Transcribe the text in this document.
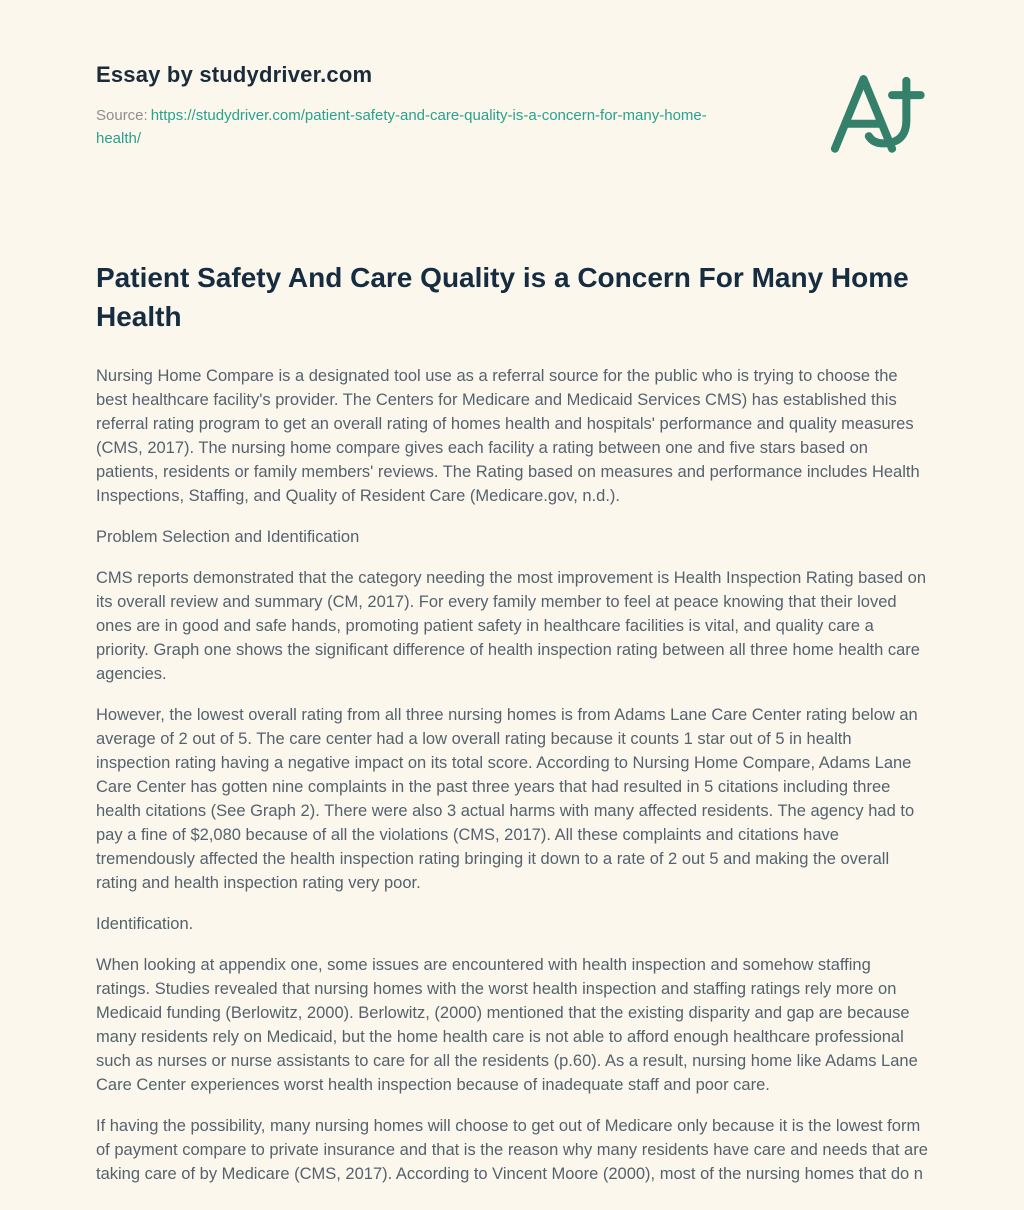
Essay by studydriver.com

Source: https://studydriver.com/patient-safety-and-care-quality-is-a-concern-for-many-home-health/

Patient Safety And Care Quality is a Concern For Many Home Health

Nursing Home Compare is a designated tool use as a referral source for the public who is trying to choose the best healthcare facility's provider. The Centers for Medicare and Medicaid Services CMS) has established this referral rating program to get an overall rating of homes health and hospitals' performance and quality measures (CMS, 2017). The nursing home compare gives each facility a rating between one and five stars based on patients, residents or family members' reviews. The Rating based on measures and performance includes Health Inspections, Staffing, and Quality of Resident Care (Medicare.gov, n.d.).

Problem Selection and Identification

CMS reports demonstrated that the category needing the most improvement is Health Inspection Rating based on its overall review and summary (CM, 2017). For every family member to feel at peace knowing that their loved ones are in good and safe hands, promoting patient safety in healthcare facilities is vital, and quality care a priority. Graph one shows the significant difference of health inspection rating between all three home health care agencies.

However, the lowest overall rating from all three nursing homes is from Adams Lane Care Center rating below an average of 2 out of 5. The care center had a low overall rating because it counts 1 star out of 5 in health inspection rating having a negative impact on its total score. According to Nursing Home Compare, Adams Lane Care Center has gotten nine complaints in the past three years that had resulted in 5 citations including three health citations (See Graph 2). There were also 3 actual harms with many affected residents. The agency had to pay a fine of $2,080 because of all the violations (CMS, 2017). All these complaints and citations have tremendously affected the health inspection rating bringing it down to a rate of 2 out 5 and making the overall rating and health inspection rating very poor.

Identification.

When looking at appendix one, some issues are encountered with health inspection and somehow staffing ratings. Studies revealed that nursing homes with the worst health inspection and staffing ratings rely more on Medicaid funding (Berlowitz, 2000). Berlowitz, (2000) mentioned that the existing disparity and gap are because many residents rely on Medicaid, but the home health care is not able to afford enough healthcare professional such as nurses or nurse assistants to care for all the residents (p.60). As a result, nursing home like Adams Lane Care Center experiences worst health inspection because of inadequate staff and poor care.

If having the possibility, many nursing homes will choose to get out of Medicare only because it is the lowest form of payment compare to private insurance and that is the reason why many residents have care and needs that are taking care of by Medicare (CMS, 2017). According to Vincent Moore (2000), most of the nursing homes that do n
